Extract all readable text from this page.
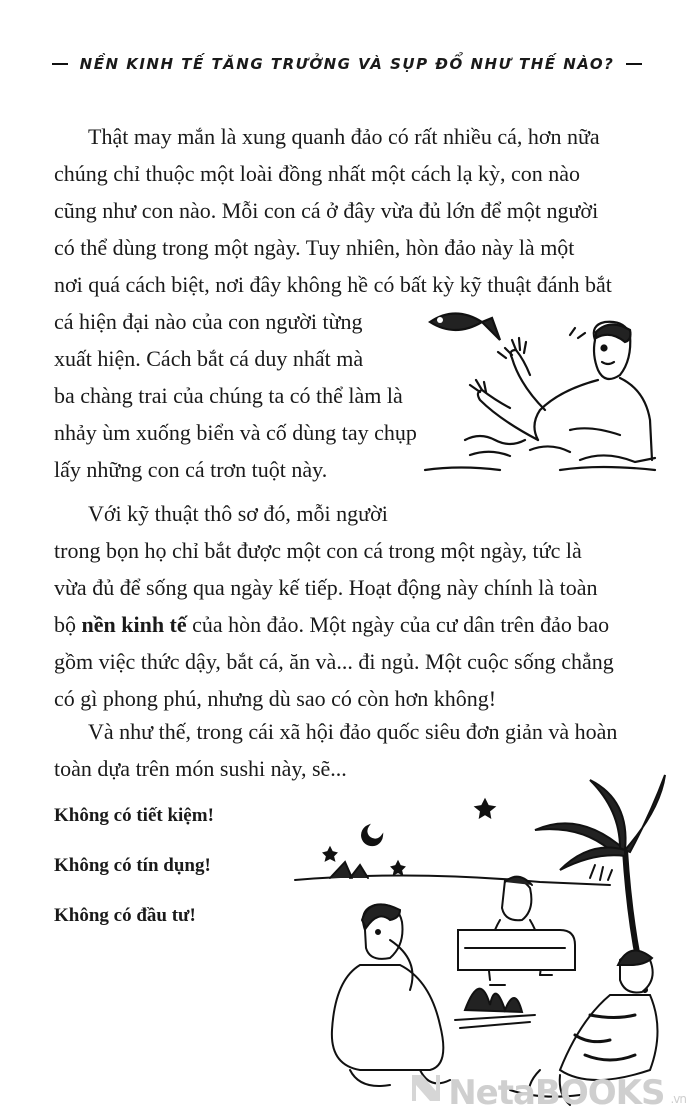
NỀN KINH TẾ TĂNG TRƯỞNG VÀ SỤP ĐỔ NHƯ THẾ NÀO?
Thật may mắn là xung quanh đảo có rất nhiều cá, hơn nữa
chúng chỉ thuộc một loài đồng nhất một cách lạ kỳ, con nào
cũng như con nào. Mỗi con cá ở đây vừa đủ lớn để một người
có thể dùng trong một ngày. Tuy nhiên, hòn đảo này là một
nơi quá cách biệt, nơi đây không hề có bất kỳ kỹ thuật đánh bắt
cá hiện đại nào của con người từng
xuất hiện. Cách bắt cá duy nhất mà
ba chàng trai của chúng ta có thể làm là
nhảy ùm xuống biển và cố dùng tay chụp
lấy những con cá trơn tuột này.
Với kỹ thuật thô sơ đó, mỗi người
trong bọn họ chỉ bắt được một con cá trong một ngày, tức là
vừa đủ để sống qua ngày kế tiếp. Hoạt động này chính là toàn
bộ nền kinh tế của hòn đảo. Một ngày của cư dân trên đảo bao
gồm việc thức dậy, bắt cá, ăn và... đi ngủ. Một cuộc sống chẳng
có gì phong phú, nhưng dù sao có còn hơn không!
Và như thế, trong cái xã hội đảo quốc siêu đơn giản và hoàn
toàn dựa trên món sushi này, sẽ...
Không có tiết kiệm!
Không có tín dụng!
Không có đầu tư!
NetaBOOKS .vn
